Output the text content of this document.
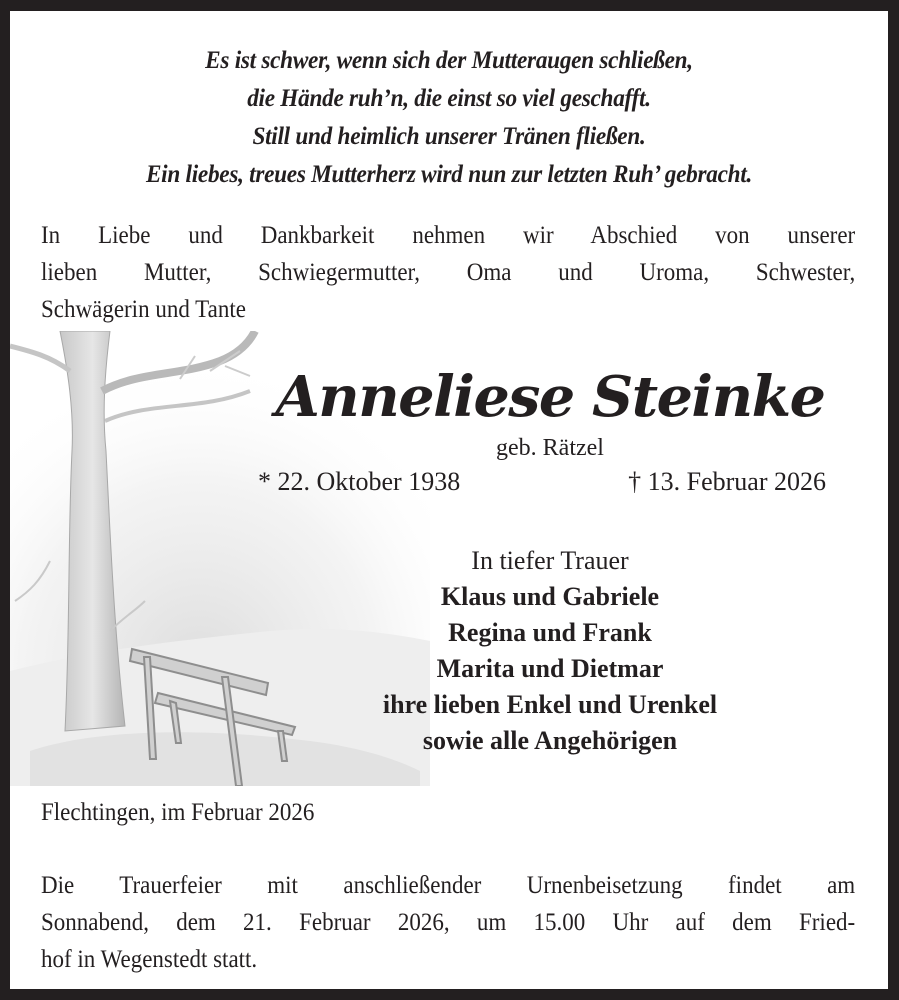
Es ist schwer, wenn sich der Mutteraugen schließen,
die Hände ruh’n, die einst so viel geschafft.
Still und heimlich unserer Tränen fließen.
Ein liebes, treues Mutterherz wird nun zur letzten Ruh’ gebracht.
In Liebe und Dankbarkeit nehmen wir Abschied von unserer
lieben Mutter, Schwiegermutter, Oma und Uroma, Schwester,
Schwägerin und Tante
Anneliese Steinke
geb. Rätzel
* 22. Oktober 1938	† 13. Februar 2026
In tiefer Trauer
Klaus und Gabriele
Regina und Frank
Marita und Dietmar
ihre lieben Enkel und Urenkel
sowie alle Angehörigen
Flechtingen, im Februar 2026
Die Trauerfeier mit anschließender Urnenbeisetzung findet am
Sonnabend, dem 21. Februar 2026, um 15.00 Uhr auf dem Fried-
hof in Wegenstedt statt.
